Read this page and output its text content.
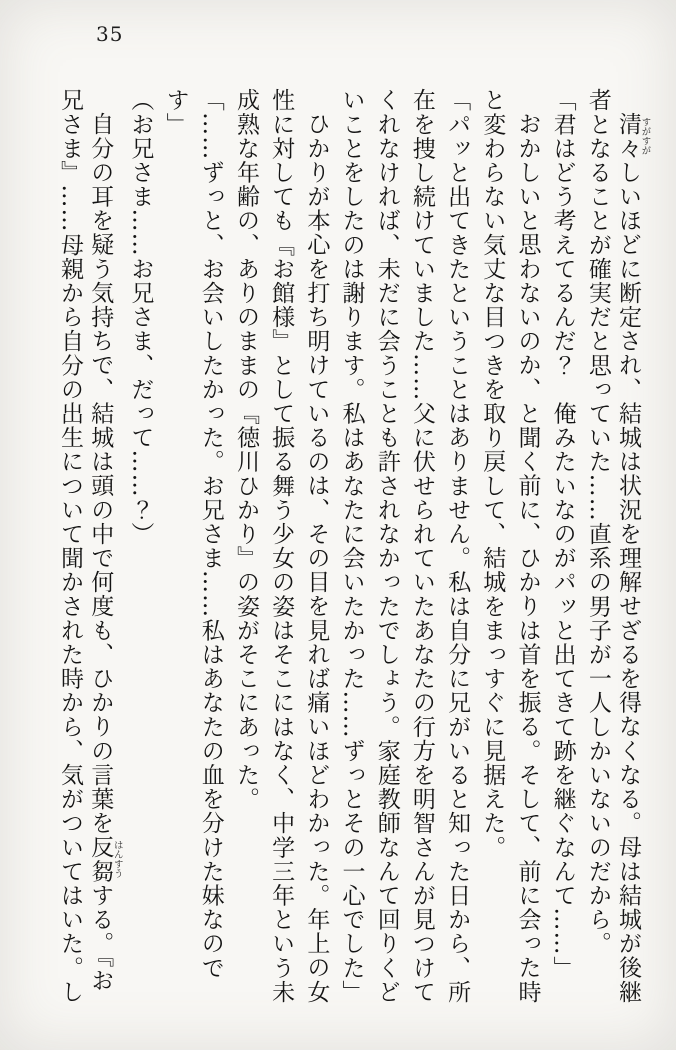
35
清々すがすがしいほどに断定され、結城は状況を理解せざるを得なくなる。母は結城が後継
者となることが確実だと思っていた……直系の男子が一人しかいないのだから。
「君はどう考えてるんだ？　俺みたいなのがパッと出てきて跡を継ぐなんて……」
おかしいと思わないのか、と聞く前に、ひかりは首を振る。そして、前に会った時
と変わらない気丈な目つきを取り戻して、結城をまっすぐに見据えた。
「パッと出てきたということはありません。私は自分に兄がいると知った日から、所
在を捜し続けていました……父に伏せられていたあなたの行方を明智さんが見つけて
くれなければ、未だに会うことも許されなかったでしょう。家庭教師なんて回りくど
いことをしたのは謝ります。私はあなたに会いたかった……ずっとその一心でした」
ひかりが本心を打ち明けているのは、その目を見れば痛いほどわかった。年上の女
性に対しても『お館様』として振る舞う少女の姿はそこにはなく、中学三年という未
成熟な年齢の、ありのままの『徳川ひかり』の姿がそこにあった。
「……ずっと、お会いしたかった。お兄さま……私はあなたの血を分けた妹なので
す」
（お兄さま……お兄さま、だって……？）
自分の耳を疑う気持ちで、結城は頭の中で何度も、ひかりの言葉を反芻はんすうする。『お
兄さま』……母親から自分の出生について聞かされた時から、気がついてはいた。し
